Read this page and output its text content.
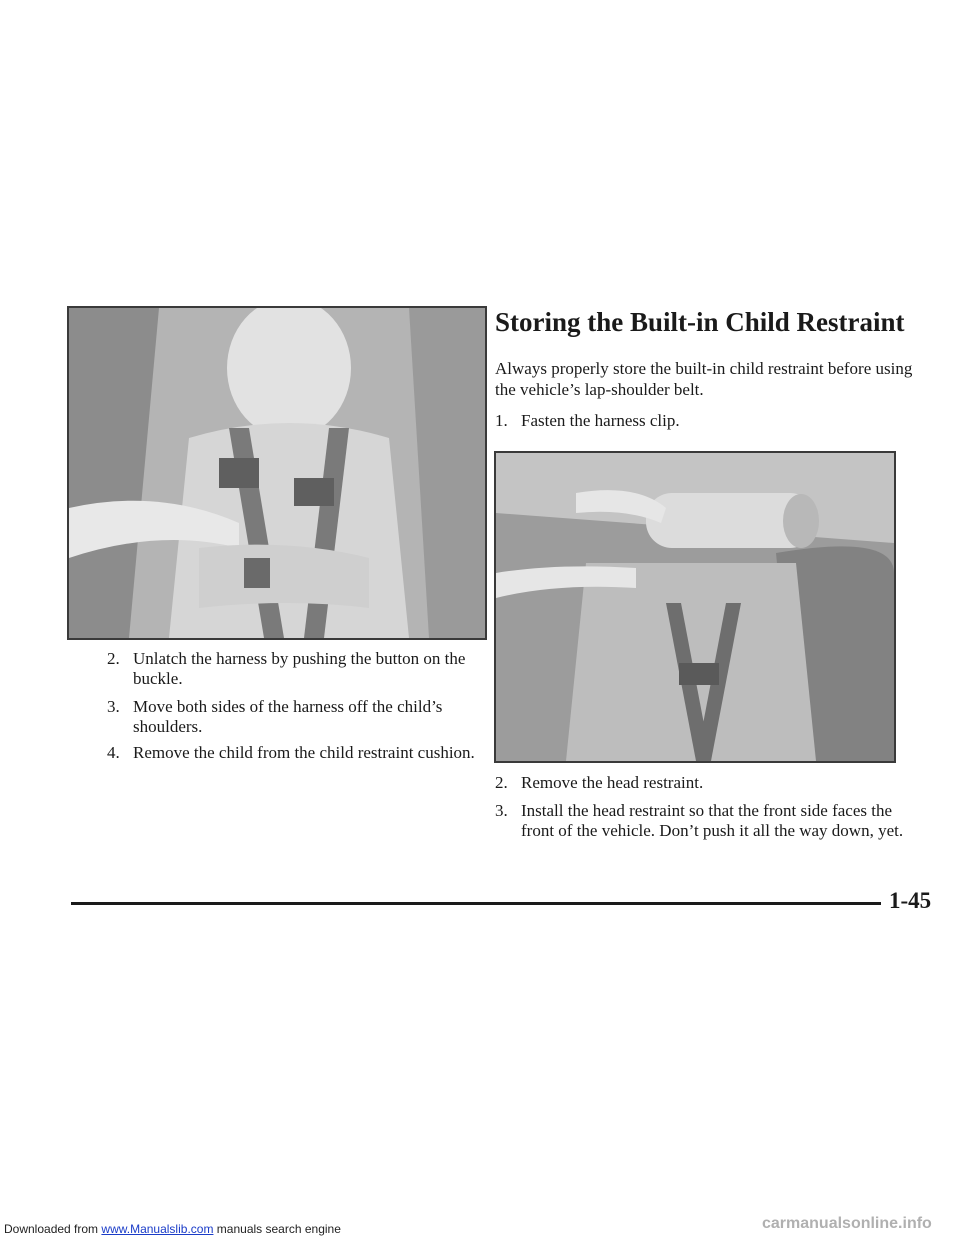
2. Unlatch the harness by pushing the button on the buckle.

3. Move both sides of the harness off the child’s shoulders.

4. Remove the child from the child restraint cushion.

Storing the Built-in Child Restraint

Always properly store the built-in child restraint before using the vehicle’s lap-shoulder belt.

1. Fasten the harness clip.

2. Remove the head restraint.

3. Install the head restraint so that the front side faces the front of the vehicle. Don’t push it all the way down, yet.

1-45

Downloaded from www.Manualslib.com manuals search engine	carmanualsonline.info
